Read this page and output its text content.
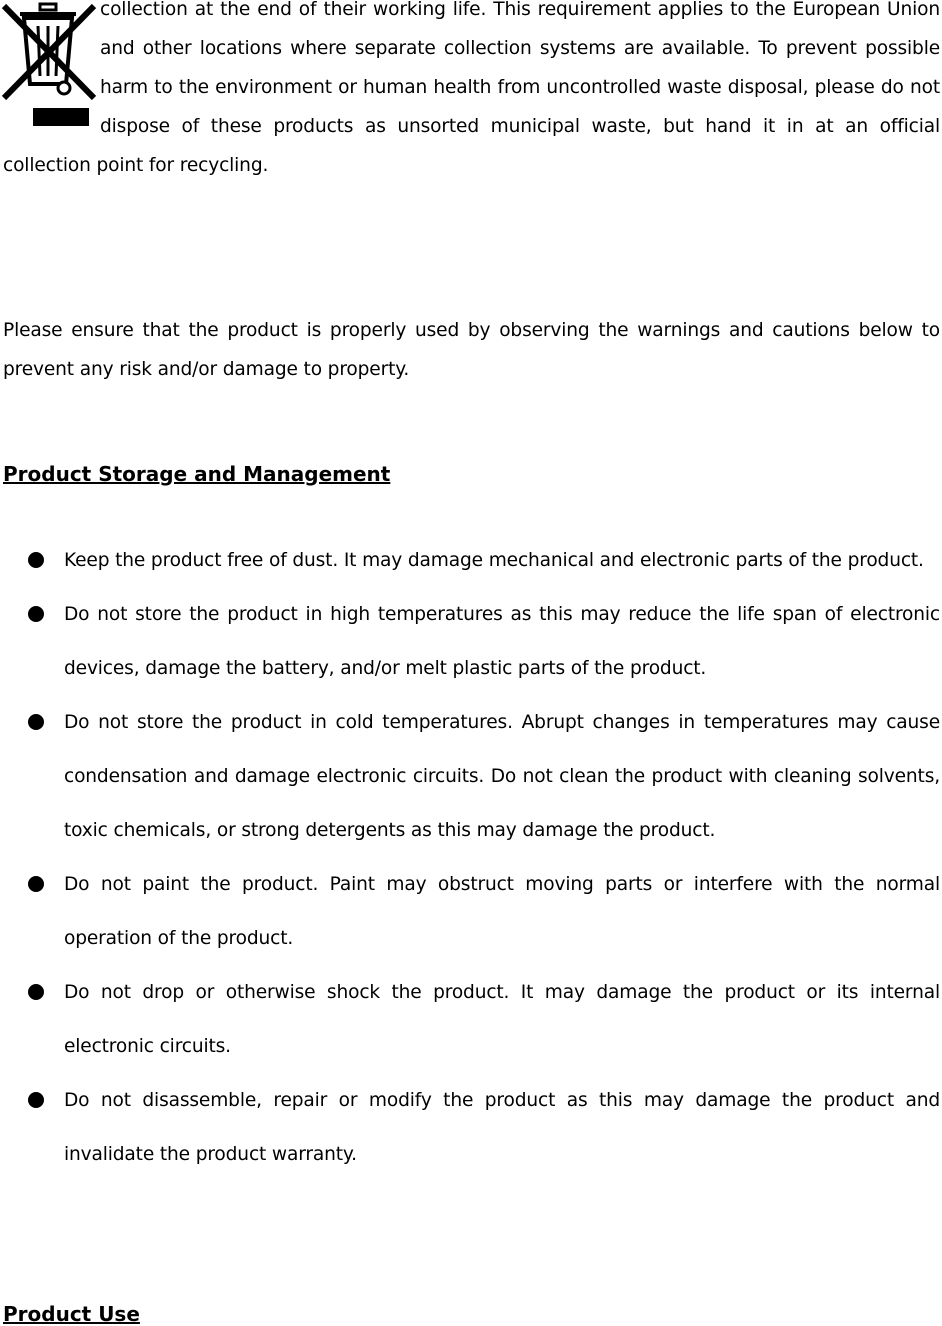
collection at the end of their working life. This requirement applies to the European Union and other locations where separate collection systems are available. To prevent possible harm to the environment or human health from uncontrolled waste disposal, please do not dispose of these products as unsorted municipal waste, but hand it in at an official collection point for recycling.

Please ensure that the product is properly used by observing the warnings and cautions below to prevent any risk and/or damage to property.

Product Storage and Management
Keep the product free of dust. It may damage mechanical and electronic parts of the product.
Do not store the product in high temperatures as this may reduce the life span of electronic devices, damage the battery, and/or melt plastic parts of the product.
Do not store the product in cold temperatures. Abrupt changes in temperatures may cause condensation and damage electronic circuits. Do not clean the product with cleaning solvents, toxic chemicals, or strong detergents as this may damage the product.
Do not paint the product. Paint may obstruct moving parts or interfere with the normal operation of the product.
Do not drop or otherwise shock the product. It may damage the product or its internal electronic circuits.
Do not disassemble, repair or modify the product as this may damage the product and invalidate the product warranty.
Product Use
